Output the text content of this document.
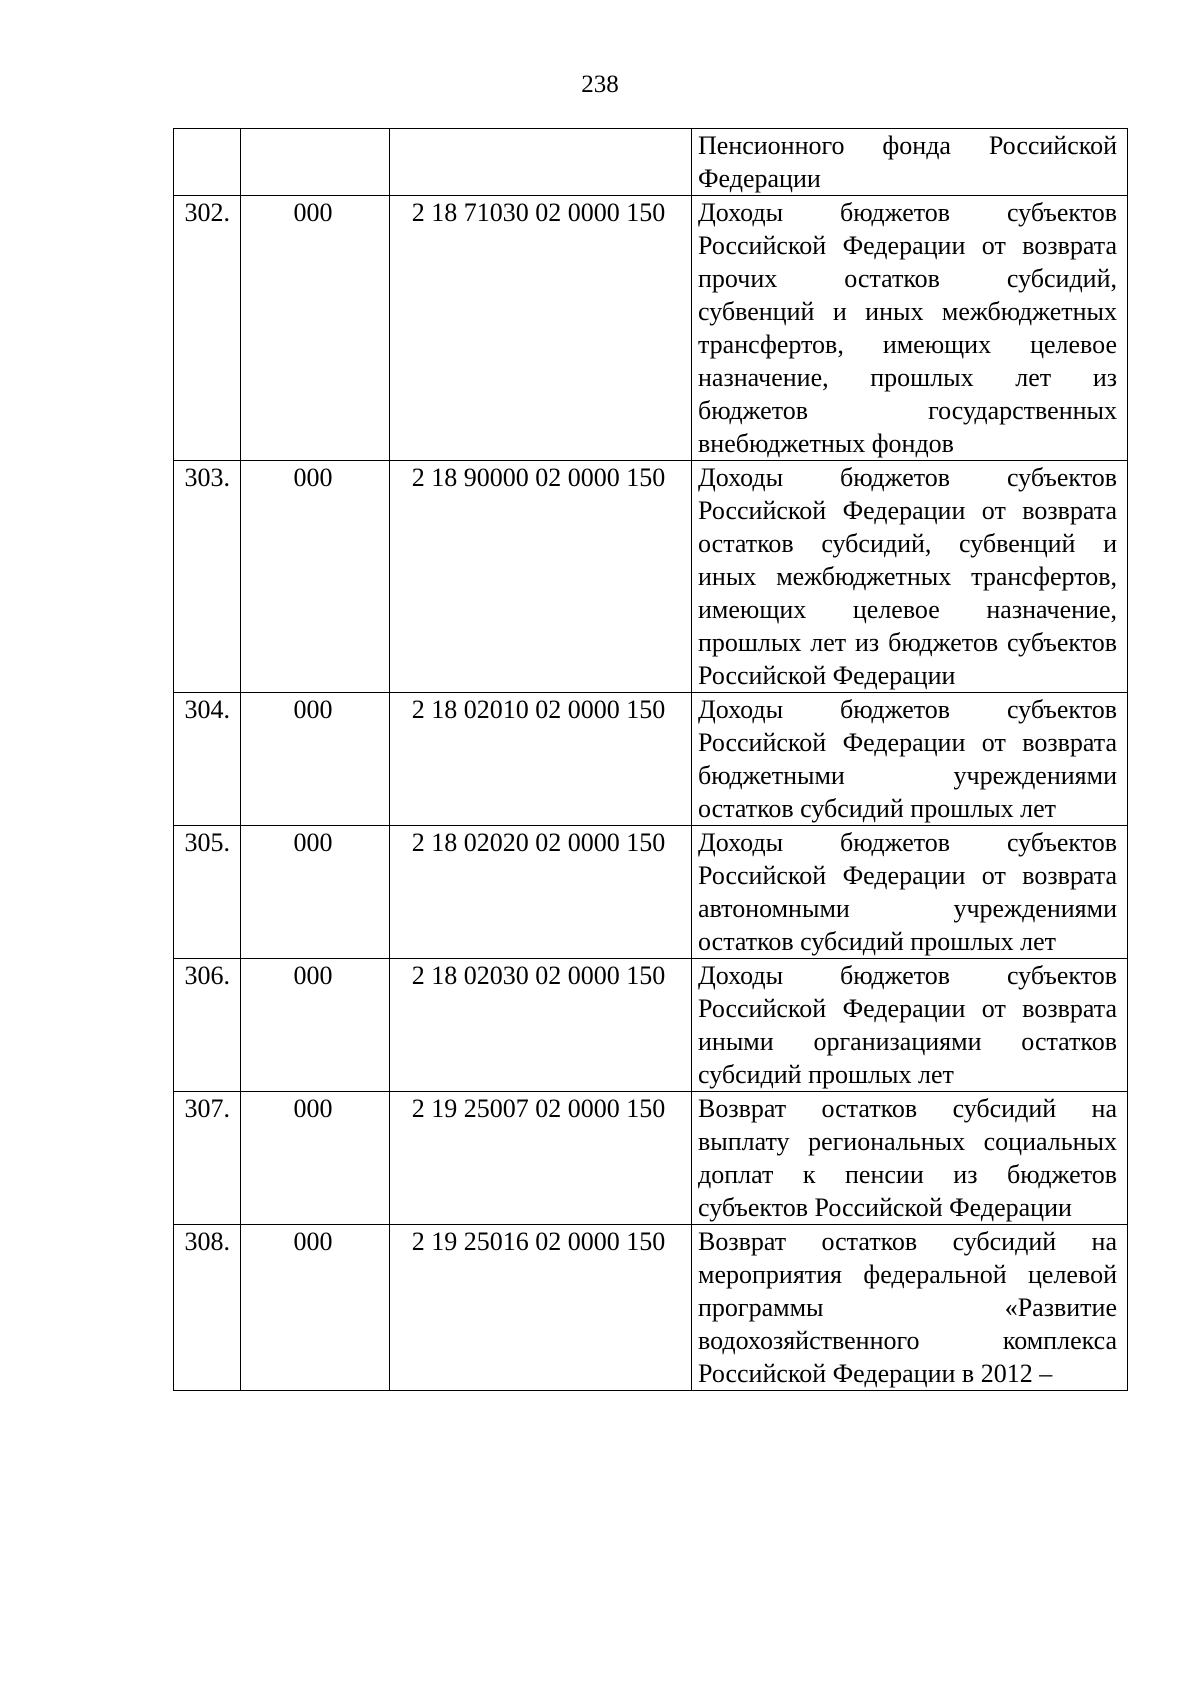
238
			Пенсионного фонда Российской Федерации
302.	000	2 18 71030 02 0000 150	Доходы бюджетов субъектов Российской Федерации от возврата прочих остатков субсидий, субвенций и иных межбюджетных трансфертов, имеющих целевое назначение, прошлых лет из бюджетов государственных внебюджетных фондов
303.	000	2 18 90000 02 0000 150	Доходы бюджетов субъектов Российской Федерации от возврата остатков субсидий, субвенций и иных межбюджетных трансфертов, имеющих целевое назначение, прошлых лет из бюджетов субъектов Российской Федерации
304.	000	2 18 02010 02 0000 150	Доходы бюджетов субъектов Российской Федерации от возврата бюджетными учреждениями остатков субсидий прошлых лет
305.	000	2 18 02020 02 0000 150	Доходы бюджетов субъектов Российской Федерации от возврата автономными учреждениями остатков субсидий прошлых лет
306.	000	2 18 02030 02 0000 150	Доходы бюджетов субъектов Российской Федерации от возврата иными организациями остатков субсидий прошлых лет
307.	000	2 19 25007 02 0000 150	Возврат остатков субсидий на выплату региональных социальных доплат к пенсии из бюджетов субъектов Российской Федерации
308.	000	2 19 25016 02 0000 150	Возврат остатков субсидий на мероприятия федеральной целевой программы «Развитие водохозяйственного комплекса Российской Федерации в 2012 –
